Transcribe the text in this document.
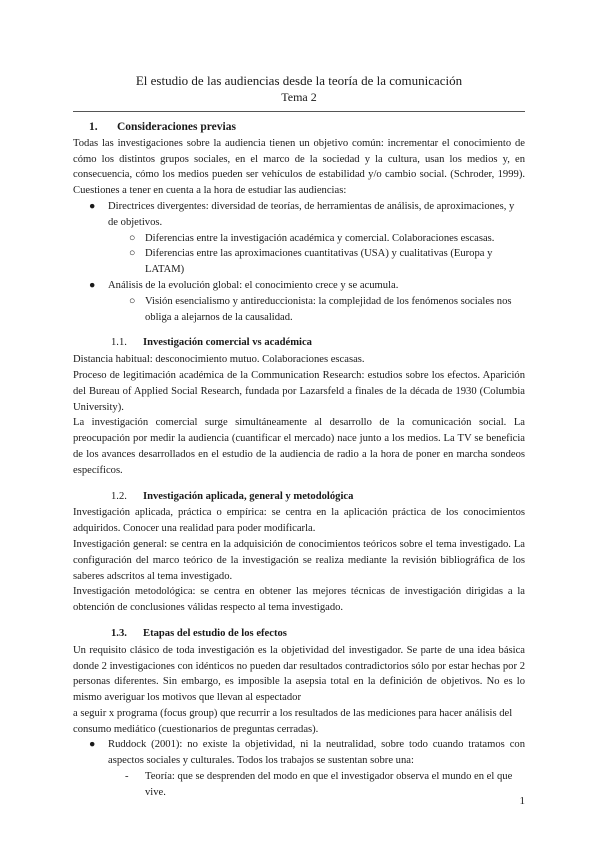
El estudio de las audiencias desde la teoría de la comunicación
Tema 2
1. Consideraciones previas

Todas las investigaciones sobre la audiencia tienen un objetivo común: incrementar el conocimiento de cómo los distintos grupos sociales, en el marco de la sociedad y la cultura, usan los medios y, en consecuencia, cómo los medios pueden ser vehículos de estabilidad y/o cambio social. (Schroder, 1999). Cuestiones a tener en cuenta a la hora de estudiar las audiencias:

● Directrices divergentes: diversidad de teorías, de herramientas de análisis, de aproximaciones, y de objetivos.
○ Diferencias entre la investigación académica y comercial. Colaboraciones escasas.
○ Diferencias entre las aproximaciones cuantitativas (USA) y cualitativas (Europa y LATAM)
● Análisis de la evolución global: el conocimiento crece y se acumula.
○ Visión esencialismo y antireduccionista: la complejidad de los fenómenos sociales nos obliga a alejarnos de la causalidad.
1.1. Investigación comercial vs académica

Distancia habitual: desconocimiento mutuo. Colaboraciones escasas.

Proceso de legitimación académica de la Communication Research: estudios sobre los efectos. Aparición del Bureau of Applied Social Research, fundada por Lazarsfeld a finales de la década de 1930 (Columbia University).

La investigación comercial surge simultáneamente al desarrollo de la comunicación social. La preocupación por medir la audiencia (cuantificar el mercado) nace junto a los medios. La TV se beneficia de los avances desarrollados en el estudio de la audiencia de radio a la hora de poner en marcha sondeos específicos.

1.2. Investigación aplicada, general y metodológica

Investigación aplicada, práctica o empírica: se centra en la aplicación práctica de los conocimientos adquiridos. Conocer una realidad para poder modificarla.

Investigación general: se centra en la adquisición de conocimientos teóricos sobre el tema investigado. La configuración del marco teórico de la investigación se realiza mediante la revisión bibliográfica de los saberes adscritos al tema investigado.

Investigación metodológica: se centra en obtener las mejores técnicas de investigación dirigidas a la obtención de conclusiones válidas respecto al tema investigado.

1.3. Etapas del estudio de los efectos

Un requisito clásico de toda investigación es la objetividad del investigador. Se parte de una idea básica donde 2 investigaciones con idénticos no pueden dar resultados contradictorios sólo por estar hechas por 2 personas diferentes. Sin embargo, es imposible la asepsia total en la definición de objetivos. No es lo mismo averiguar los motivos que llevan al espectador

a seguir x programa (focus group) que recurrir a los resultados de las mediciones para hacer análisis del consumo mediático (cuestionarios de preguntas cerradas).

● Ruddock (2001): no existe la objetividad, ni la neutralidad, sobre todo cuando tratamos con aspectos sociales y culturales. Todos los trabajos se sustentan sobre una:
- Teoría: que se desprenden del modo en que el investigador observa el mundo en el que vive.
1
